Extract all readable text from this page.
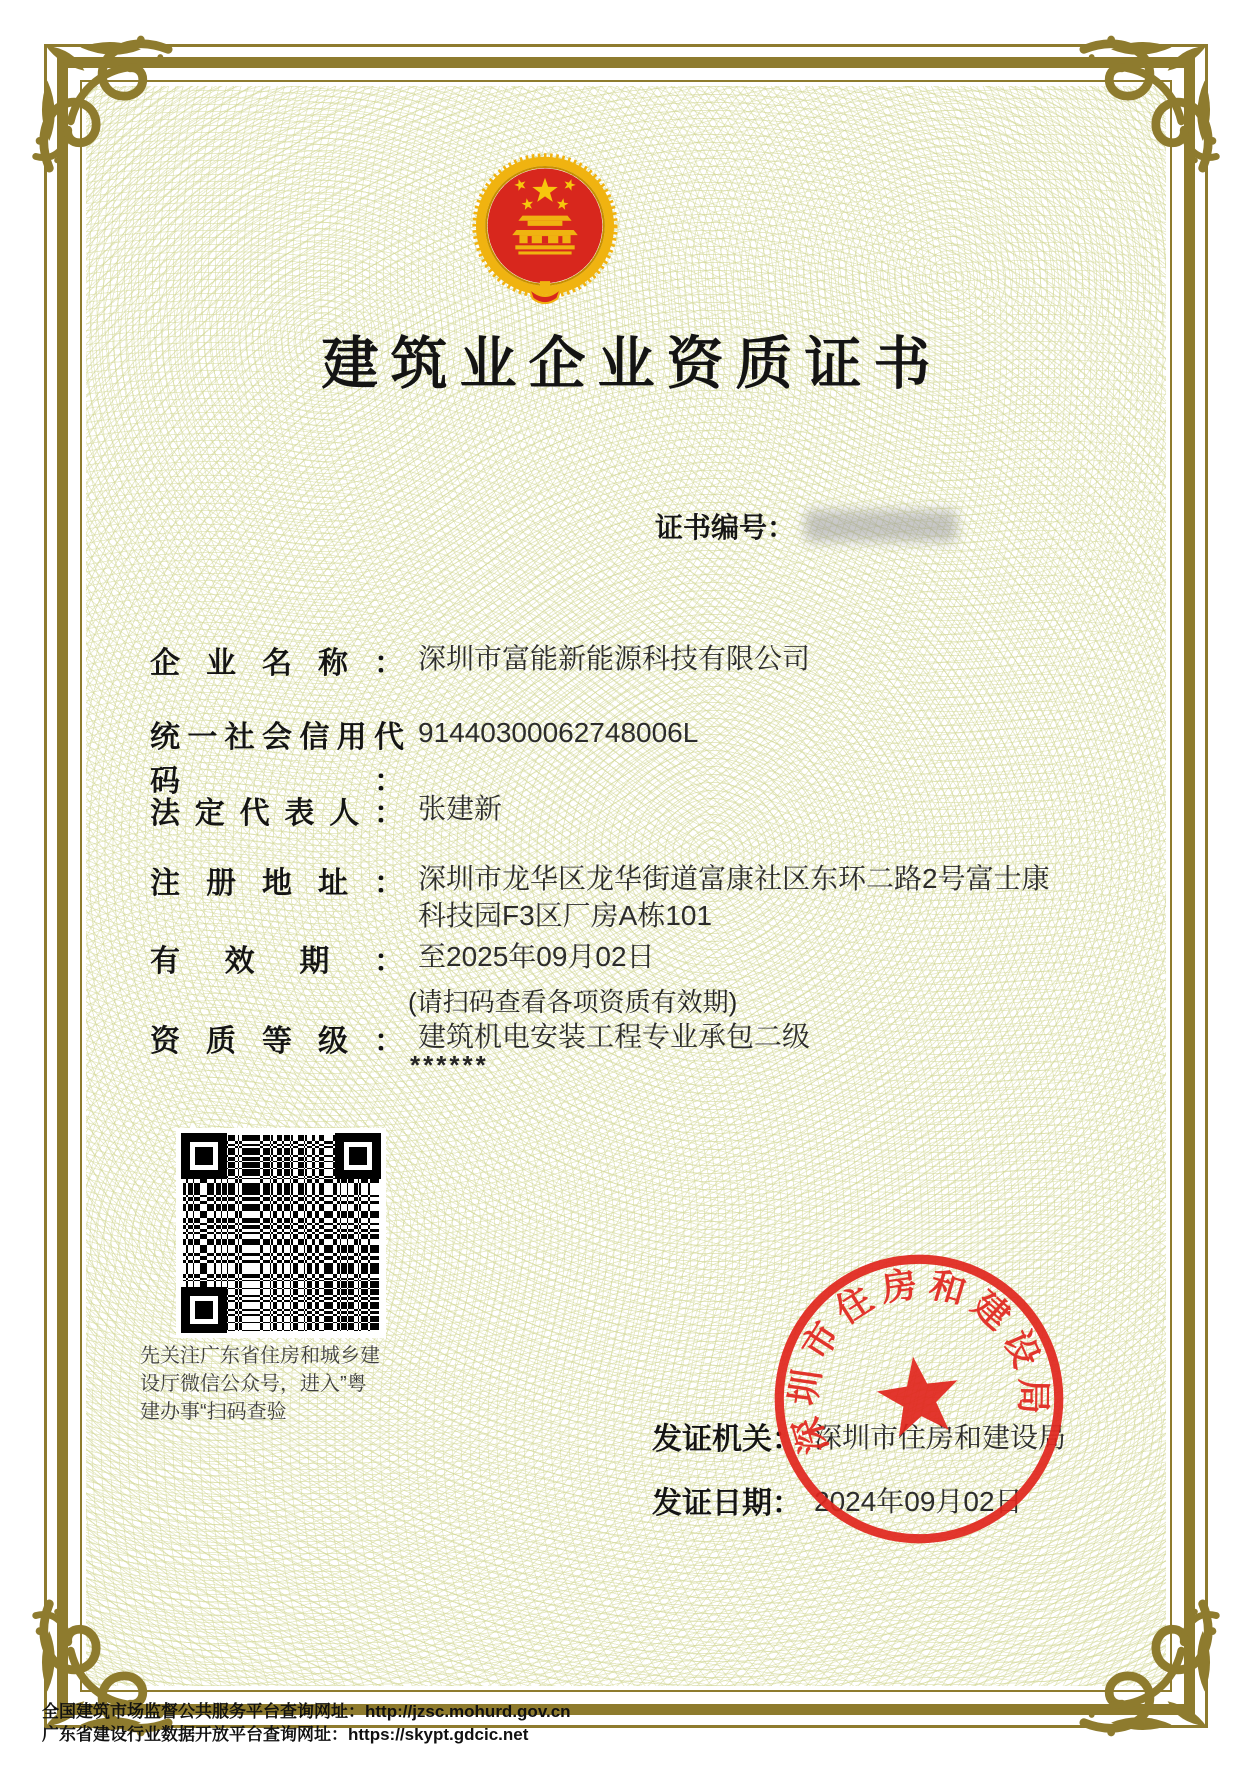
建筑业企业资质证书
证书编号：
企业名称： 深圳市富能新能源科技有限公司
统一社会信用代码：
91440300062748006L
法定代表人： 张建新
注册地址： 深圳市龙华区龙华街道富康社区东环二路2号富士康科技园F3区厂房A栋101
有效期： 至2025年09月02日
(请扫码查看各项资质有效期)
资质等级： 建筑机电安装工程专业承包二级
******
先关注广东省住房和城乡建设厅微信公众号，进入”粤建办事“扫码查验
发证机关： 深圳市住房和建设局
发证日期： 2024年09月02日
深圳市住房和建设局
全国建筑市场监督公共服务平台查询网址：http://jzsc.mohurd.gov.cn
广东省建设行业数据开放平台查询网址：https://skypt.gdcic.net
